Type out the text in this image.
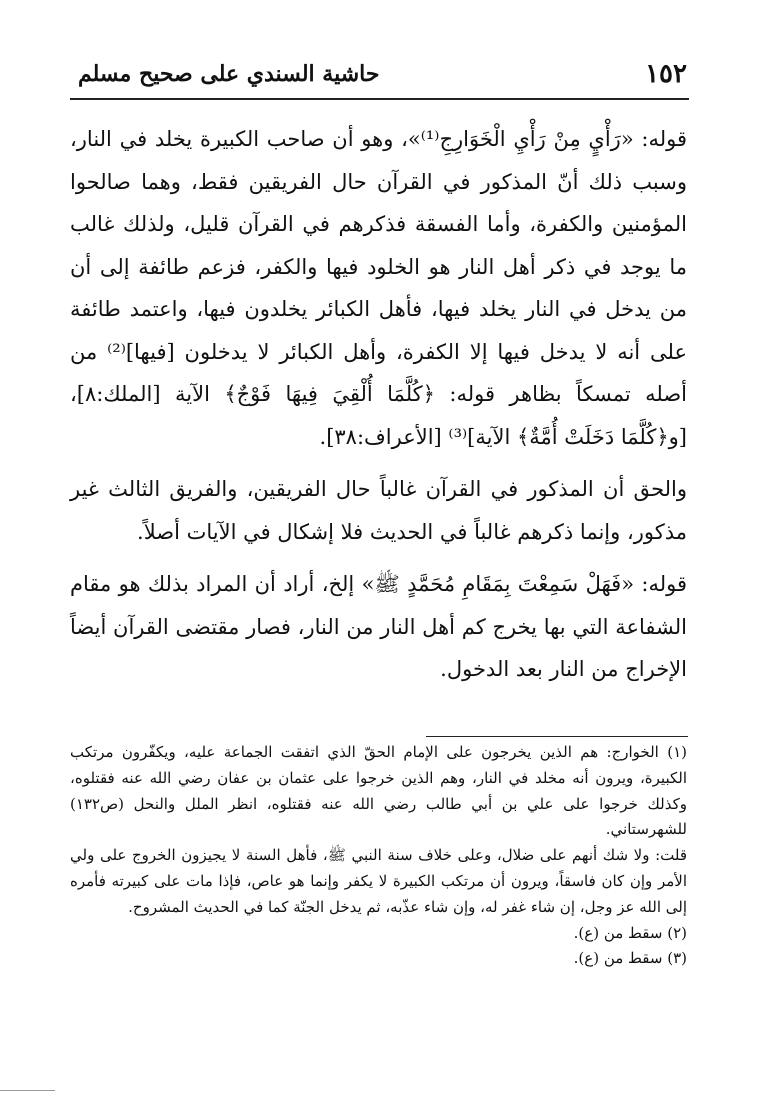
١٥٢
حاشية السندي على صحيح مسلم

قوله: «رَأْيٍ مِنْ رَأْيِ الْخَوَارِجِ⁽¹⁾»، وهو أن صاحب الكبيرة يخلد في النار، وسبب ذلك أنّ المذكور في القرآن حال الفريقين فقط، وهما صالحوا المؤمنين والكفرة، وأما الفسقة فذكرهم في القرآن قليل، ولذلك غالب ما يوجد في ذكر أهل النار هو الخلود فيها والكفر، فزعم طائفة إلى أن من يدخل في النار يخلد فيها، فأهل الكبائر يخلدون فيها، واعتمد طائفة على أنه لا يدخل فيها إلا الكفرة، وأهل الكبائر لا يدخلون [فيها]⁽²⁾ من أصله تمسكاً بظاهر قوله: ﴿كُلَّمَا أُلْقِيَ فِيهَا فَوْجٌ﴾ الآية [الملك:٨]، [و﴿كُلَّمَا دَخَلَتْ أُمَّةٌ﴾ الآية]⁽³⁾ [الأعراف:٣٨].

والحق أن المذكور في القرآن غالباً حال الفريقين، والفريق الثالث غير مذكور، وإنما ذكرهم غالباً في الحديث فلا إشكال في الآيات أصلاً.

قوله: «فَهَلْ سَمِعْتَ بِمَقَامِ مُحَمَّدٍ ﷺ» إلخ، أراد أن المراد بذلك هو مقام الشفاعة التي بها يخرج كم أهل النار من النار، فصار مقتضى القرآن أيضاً الإخراج من النار بعد الدخول.

(١) الخوارج: هم الذين يخرجون على الإمام الحقّ الذي اتفقت الجماعة عليه، ويكفّرون مرتكب الكبيرة، ويرون أنه مخلد في النار، وهم الذين خرجوا على عثمان بن عفان رضي الله عنه فقتلوه، وكذلك خرجوا على علي بن أبي طالب رضي الله عنه فقتلوه، انظر الملل والنحل (ص١٣٢) للشهرستاني.

قلت: ولا شك أنهم على ضلال، وعلى خلاف سنة النبي ﷺ، فأهل السنة لا يجيزون الخروج على ولي الأمر وإن كان فاسقاً، ويرون أن مرتكب الكبيرة لا يكفر وإنما هو عاص، فإذا مات على كبيرته فأمره إلى الله عز وجل، إن شاء غفر له، وإن شاء عذّبه، ثم يدخل الجنّة كما في الحديث المشروح.

(٢) سقط من (ع).

(٣) سقط من (ع).
